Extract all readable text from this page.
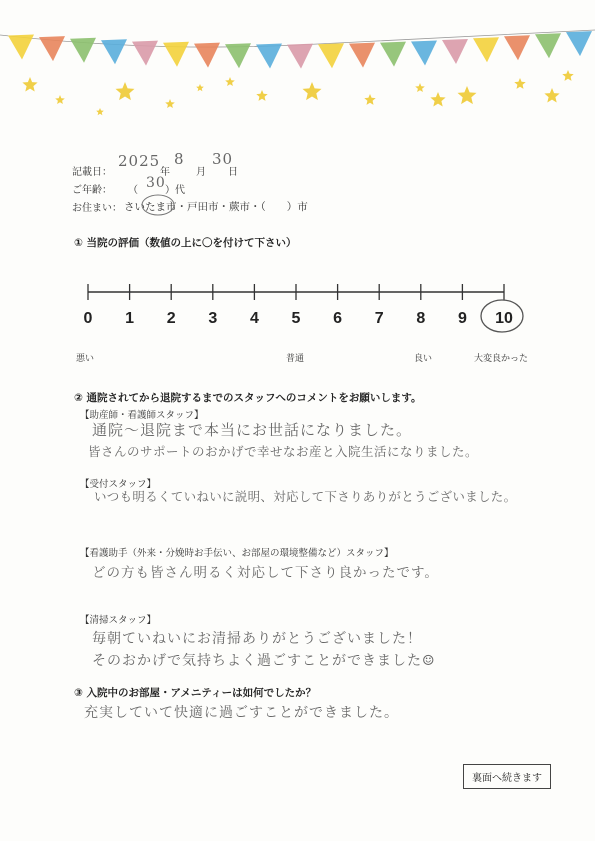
記載日：
2025
年
8
月
30
日
ご年齢： （ 30 ）代
お住まい： さいたま市・戸田市・蕨市・（　　）市
① 当院の評価（数値の上に〇を付けて下さい）
0	1	2	3	4	5	6	7	8	9	10
悪い	普通	良い	大変良かった
② 通院されてから退院するまでのスタッフへのコメントをお願いします。
【助産師・看護師スタッフ】
通院～退院まで本当にお世話になりました。
皆さんのサポートのおかげで幸せなお産と入院生活になりました。
【受付スタッフ】
いつも明るくていねいに説明、対応して下さりありがとうございました。
【看護助手（外来・分娩時お手伝い、お部屋の環境整備など）スタッフ】
どの方も皆さん明るく対応して下さり良かったです。
【清掃スタッフ】
毎朝ていねいにお清掃ありがとうございました！
そのおかげで気持ちよく過ごすことができました☺
③ 入院中のお部屋・アメニティーは如何でしたか？
充実していて快適に過ごすことができました。
裏面へ続きます
